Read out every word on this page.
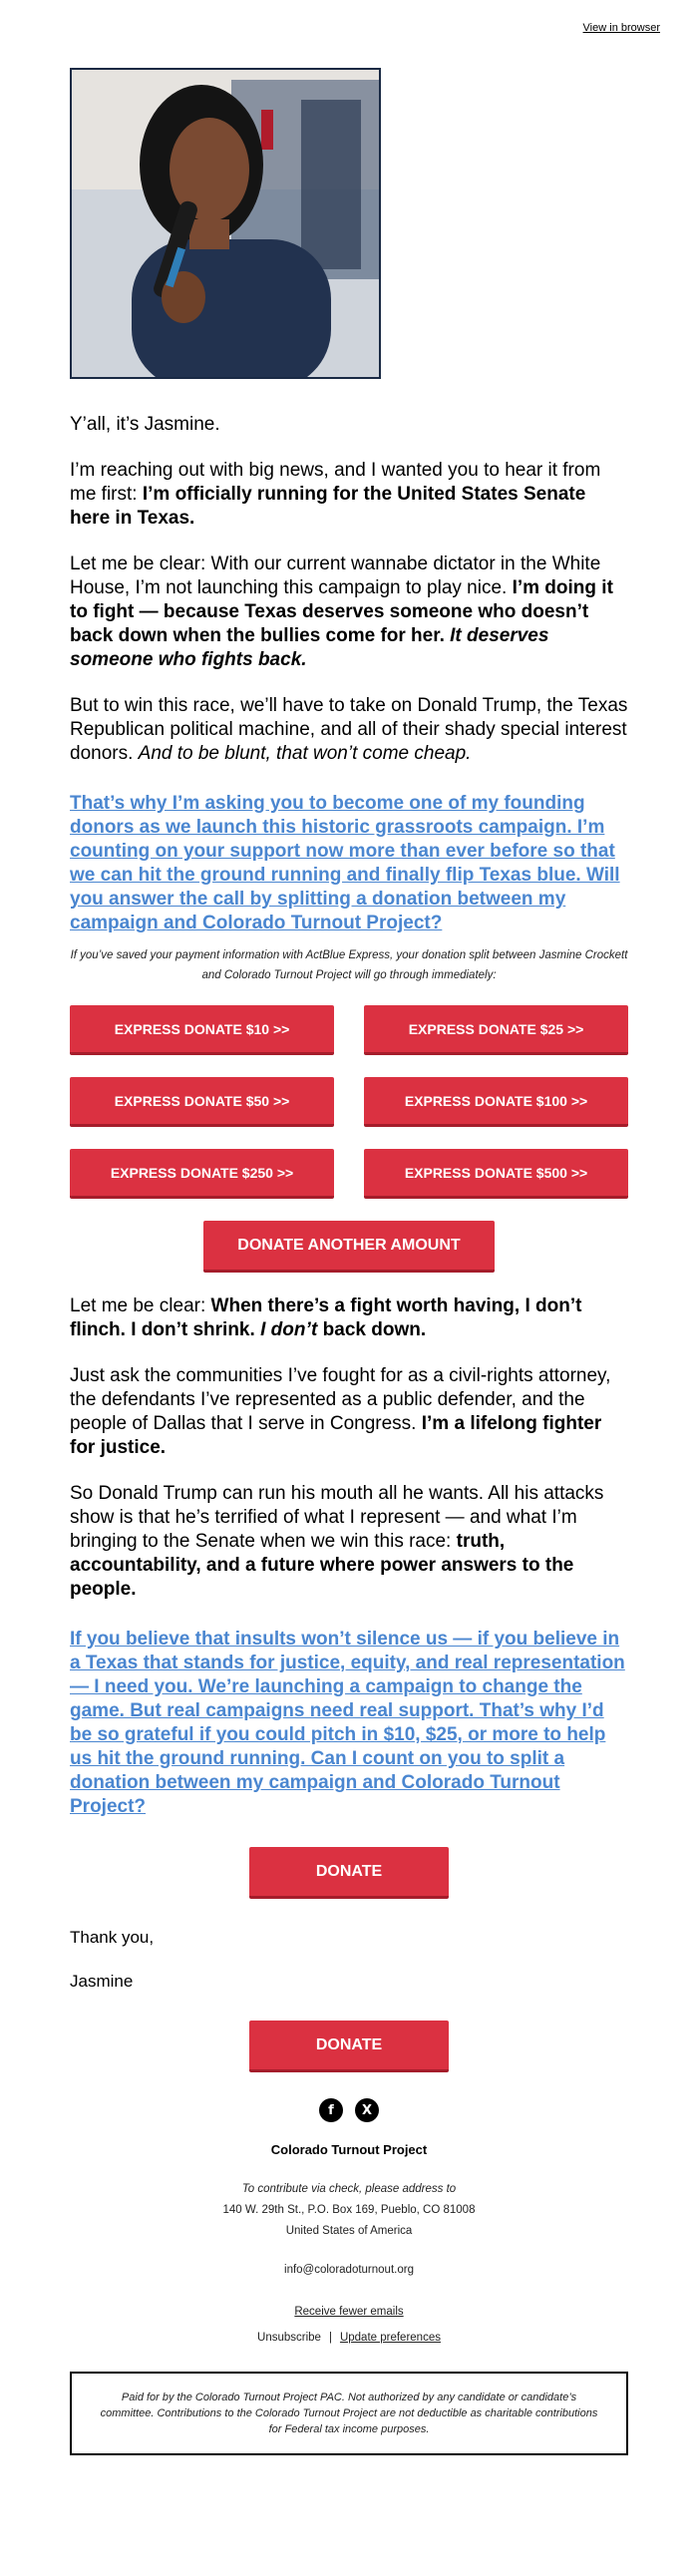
View in browser

Y’all, it’s Jasmine.

I’m reaching out with big news, and I wanted you to hear it from me first: I’m officially running for the United States Senate here in Texas.

Let me be clear: With our current wannabe dictator in the White House, I’m not launching this campaign to play nice. I’m doing it to fight — because Texas deserves someone who doesn’t back down when the bullies come for her. It deserves someone who fights back.

But to win this race, we’ll have to take on Donald Trump, the Texas Republican political machine, and all of their shady special interest donors. And to be blunt, that won’t come cheap.

That’s why I’m asking you to become one of my founding donors as we launch this historic grassroots campaign. I’m counting on your support now more than ever before so that we can hit the ground running and finally flip Texas blue. Will you answer the call by splitting a donation between my campaign and Colorado Turnout Project?

If you’ve saved your payment information with ActBlue Express, your donation split between Jasmine Crockett and Colorado Turnout Project will go through immediately:

EXPRESS DONATE $10 >>	EXPRESS DONATE $25 >>
EXPRESS DONATE $50 >>	EXPRESS DONATE $100 >>
EXPRESS DONATE $250 >>	EXPRESS DONATE $500 >>
DONATE ANOTHER AMOUNT

Let me be clear: When there’s a fight worth having, I don’t flinch. I don’t shrink. I don’t back down.

Just ask the communities I’ve fought for as a civil-rights attorney, the defendants I’ve represented as a public defender, and the people of Dallas that I serve in Congress. I’m a lifelong fighter for justice.

So Donald Trump can run his mouth all he wants. All his attacks show is that he’s terrified of what I represent — and what I’m bringing to the Senate when we win this race: truth, accountability, and a future where power answers to the people.

If you believe that insults won’t silence us — if you believe in a Texas that stands for justice, equity, and real representation — I need you. We’re launching a campaign to change the game. But real campaigns need real support. That’s why I’d be so grateful if you could pitch in $10, $25, or more to help us hit the ground running. Can I count on you to split a donation between my campaign and Colorado Turnout Project?

DONATE

Thank you,

Jasmine

DONATE
f	X

Colorado Turnout Project

To contribute via check, please address to
140 W. 29th St., P.O. Box 169, Pueblo, CO 81008
United States of America

info@coloradoturnout.org

Receive fewer emails

Unsubscribe | Update preferences

Paid for by the Colorado Turnout Project PAC. Not authorized by any candidate or candidate’s committee. Contributions to the Colorado Turnout Project are not deductible as charitable contributions for Federal tax income purposes.
